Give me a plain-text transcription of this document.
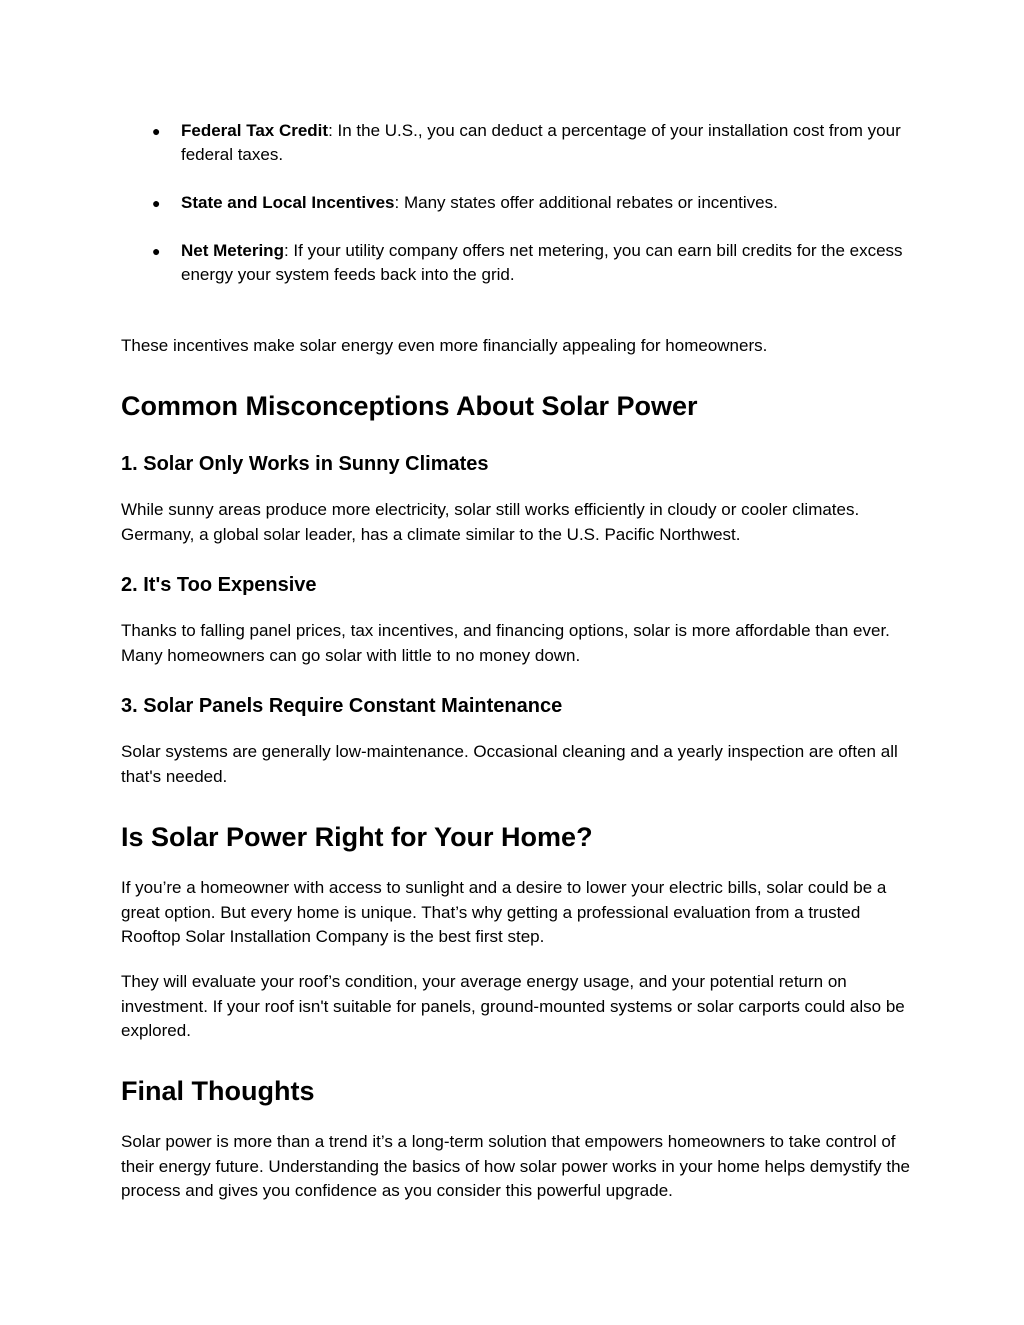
● Federal Tax Credit: In the U.S., you can deduct a percentage of your installation cost from your federal taxes.
● State and Local Incentives: Many states offer additional rebates or incentives.
● Net Metering: If your utility company offers net metering, you can earn bill credits for the excess energy your system feeds back into the grid.

These incentives make solar energy even more financially appealing for homeowners.

Common Misconceptions About Solar Power
1. Solar Only Works in Sunny Climates

While sunny areas produce more electricity, solar still works efficiently in cloudy or cooler climates. Germany, a global solar leader, has a climate similar to the U.S. Pacific Northwest.

2. It's Too Expensive

Thanks to falling panel prices, tax incentives, and financing options, solar is more affordable than ever. Many homeowners can go solar with little to no money down.

3. Solar Panels Require Constant Maintenance

Solar systems are generally low-maintenance. Occasional cleaning and a yearly inspection are often all that's needed.

Is Solar Power Right for Your Home?

If you’re a homeowner with access to sunlight and a desire to lower your electric bills, solar could be a great option. But every home is unique. That’s why getting a professional evaluation from a trusted Rooftop Solar Installation Company is the best first step.

They will evaluate your roof’s condition, your average energy usage, and your potential return on investment. If your roof isn't suitable for panels, ground-mounted systems or solar carports could also be explored.

Final Thoughts

Solar power is more than a trend it’s a long-term solution that empowers homeowners to take control of their energy future. Understanding the basics of how solar power works in your home helps demystify the process and gives you confidence as you consider this powerful upgrade.
